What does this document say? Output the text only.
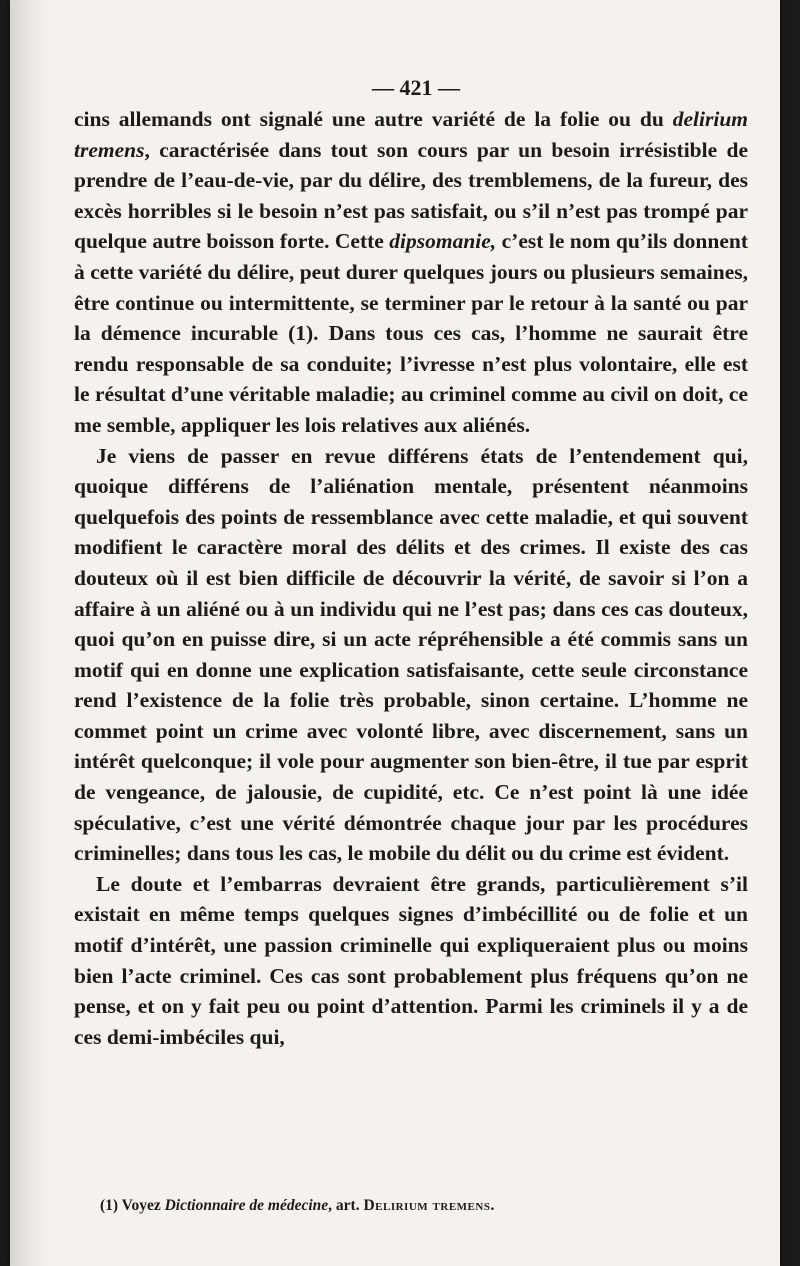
— 421 —

cins allemands ont signalé une autre variété de la folie ou du delirium tremens, caractérisée dans tout son cours par un besoin irrésistible de prendre de l’eau-de-vie, par du délire, des tremblemens, de la fureur, des excès horribles si le besoin n’est pas satisfait, ou s’il n’est pas trompé par quelque autre boisson forte. Cette dipsomanie, c’est le nom qu’ils donnent à cette variété du délire, peut durer quelques jours ou plusieurs semaines, être continue ou intermittente, se terminer par le retour à la santé ou par la démence incurable (1). Dans tous ces cas, l’homme ne saurait être rendu responsable de sa conduite; l’ivresse n’est plus volontaire, elle est le résultat d’une véritable maladie; au criminel comme au civil on doit, ce me semble, appliquer les lois relatives aux aliénés.

Je viens de passer en revue différens états de l’entendement qui, quoique différens de l’aliénation mentale, présentent néanmoins quelquefois des points de ressemblance avec cette maladie, et qui souvent modifient le caractère moral des délits et des crimes. Il existe des cas douteux où il est bien difficile de découvrir la vérité, de savoir si l’on a affaire à un aliéné ou à un individu qui ne l’est pas; dans ces cas douteux, quoi qu’on en puisse dire, si un acte répréhensible a été commis sans un motif qui en donne une explication satisfaisante, cette seule circonstance rend l’existence de la folie très probable, sinon certaine. L’homme ne commet point un crime avec volonté libre, avec discernement, sans un intérêt quelconque; il vole pour augmenter son bien-être, il tue par esprit de vengeance, de jalousie, de cupidité, etc. Ce n’est point là une idée spéculative, c’est une vérité démontrée chaque jour par les procédures criminelles; dans tous les cas, le mobile du délit ou du crime est évident.

Le doute et l’embarras devraient être grands, particulièrement s’il existait en même temps quelques signes d’imbécillité ou de folie et un motif d’intérêt, une passion criminelle qui expliqueraient plus ou moins bien l’acte criminel. Ces cas sont probablement plus fréquens qu’on ne pense, et on y fait peu ou point d’attention. Parmi les criminels il y a de ces demi-imbéciles qui,

(1) Voyez Dictionnaire de médecine, art. Delirium tremens.
